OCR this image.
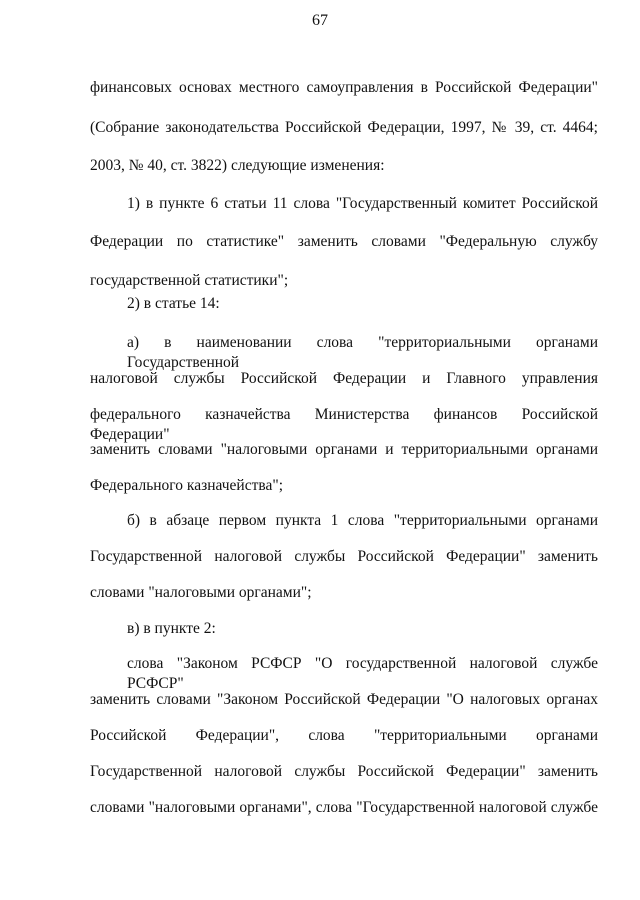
67
финансовых основах местного самоуправления в Российской Федерации"
(Собрание законодательства Российской Федерации, 1997, № 39, ст. 4464;
2003, № 40, ст. 3822) следующие изменения:
1) в пункте 6 статьи 11 слова "Государственный комитет Российской
Федерации по статистике" заменить словами "Федеральную службу
государственной статистики";
2) в статье 14:
а) в наименовании слова "территориальными органами Государственной
налоговой службы Российской Федерации и Главного управления
федерального казначейства Министерства финансов Российской Федерации"
заменить словами "налоговыми органами и территориальными органами
Федерального казначейства";
б) в абзаце первом пункта 1 слова "территориальными органами
Государственной налоговой службы Российской Федерации" заменить
словами "налоговыми органами";
в) в пункте 2:
слова "Законом РСФСР "О государственной налоговой службе РСФСР"
заменить словами "Законом Российской Федерации "О налоговых органах
Российской Федерации", слова "территориальными органами
Государственной налоговой службы Российской Федерации" заменить
словами "налоговыми органами", слова "Государственной налоговой службе
